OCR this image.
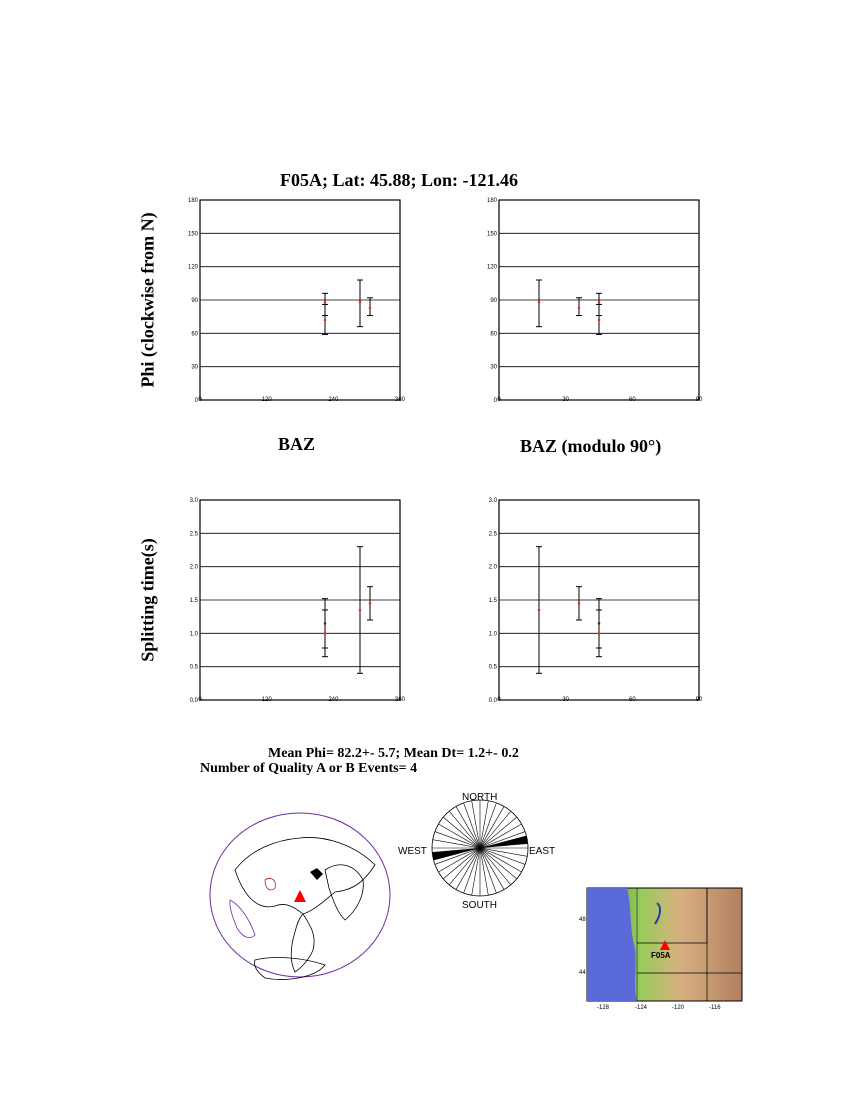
F05A; Lat: 45.88; Lon: -121.46
Phi (clockwise from N)
Splitting time(s)
BAZ	BAZ (modulo 90°)
Mean Phi= 82.2+- 5.7; Mean Dt= 1.2+- 0.2
Number of Quality A or B Events= 4
0
30
60
90
120
150
180
0	120	240	360	0
30
60
90
120
150
180
0	30	60	90
0.0
0.5
1.0
1.5
2.0
2.5
3.0
0	120	240	360	0.0
0.5
1.0
1.5
2.0
2.5
3.0
0	30	60	90
NORTH
SOUTH
EAST
WEST
F05A
48
44
-128	-124	-120	-116
